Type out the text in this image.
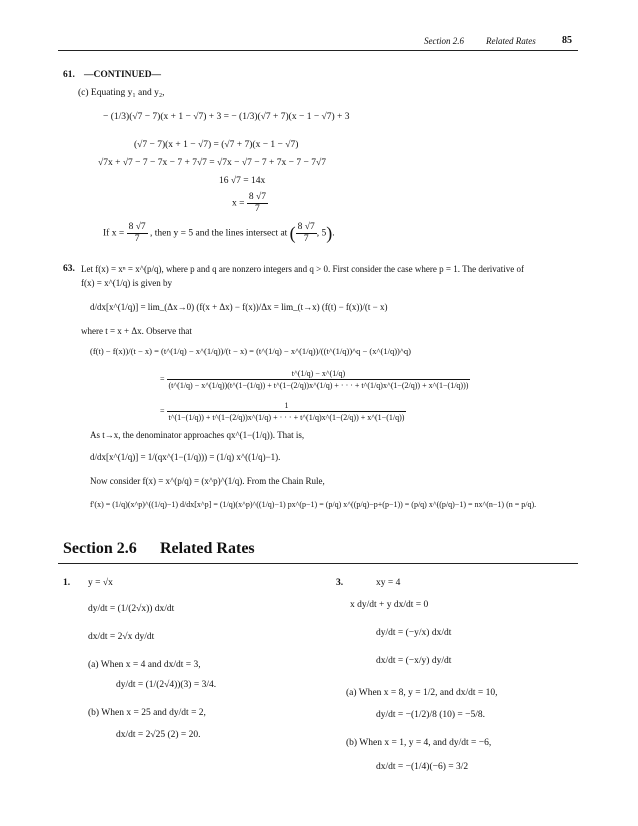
Section 2.6 Related Rates	85
61. —CONTINUED—
(c) Equating y₁ and y₂,
− (1/3)(√7 − 7)(x + 1 − √7) + 3 = − (1/3)(√7 + 7)(x − 1 − √7) + 3
(√7 − 7)(x + 1 − √7) = (√7 + 7)(x − 1 − √7)
√7x + √7 − 7 − 7x − 7 + 7√7 = √7x − √7 − 7 + 7x − 7 − 7√7
16 √7 = 14x
$x = \frac{8 √7}{7}$
If $x = \frac{8 √7}{7}$ , then y = 5 and the lines intersect at ( $\frac{8 √7}{7}$ , 5).
63. Let f(x) = xⁿ = x^(p/q), where p and q are nonzero integers and q > 0. First consider the case where p = 1. The derivative of
f(x) = x^(1/q) is given by
d/dx[x^(1/q)] = lim_(Δx→0) (f(x + Δx) − f(x))/Δx = lim_(t→x) (f(t) − f(x))/(t − x)
where t = x + Δx. Observe that
(f(t) − f(x))/(t − x) = (t^(1/q) − x^(1/q))/(t − x) = (t^(1/q) − x^(1/q))/((t^(1/q))^q − (x^(1/q))^q)
=
t^(1/q) − x^(1/q)
(t^(1/q) − x^(1/q))(t^(1−(1/q)) + t^(1−(2/q))x^(1/q) + · · · + t^(1/q)x^(1−(2/q)) + x^(1−(1/q)))
=
1
t^(1−(1/q)) + t^(1−(2/q))x^(1/q) + · · · + t^(1/q)x^(1−(2/q)) + x^(1−(1/q))
As t→x, the denominator approaches qx^(1−(1/q)). That is,
d/dx[x^(1/q)] = 1/(qx^(1−(1/q))) = (1/q) x^((1/q)−1).
Now consider f(x) = x^(p/q) = (x^p)^(1/q). From the Chain Rule,
f′(x) = (1/q)(x^p)^((1/q)−1) d/dx[x^p] = (1/q)(x^p)^((1/q)−1) px^(p−1) = (p/q) x^((p/q)−p+(p−1)) = (p/q) x^((p/q)−1) = nx^(n−1) (n = p/q).
Section 2.6 Related Rates
1. y = √x
dy/dt = (1/(2√x)) dx/dt
dx/dt = 2√x dy/dt
(a) When x = 4 and dx/dt = 3,
dy/dt = (1/(2√4))(3) = 3/4.
(b) When x = 25 and dy/dt = 2,
dx/dt = 2√25 (2) = 20.
3.	xy = 4
x dy/dt + y dx/dt = 0
dy/dt = (−y/x) dx/dt
dx/dt = (−x/y) dy/dt
(a) When x = 8, y = 1/2, and dx/dt = 10,
dy/dt = −(1/2)/8 (10) = −5/8.
(b) When x = 1, y = 4, and dy/dt = −6,
dx/dt = −(1/4)(−6) = 3/2
